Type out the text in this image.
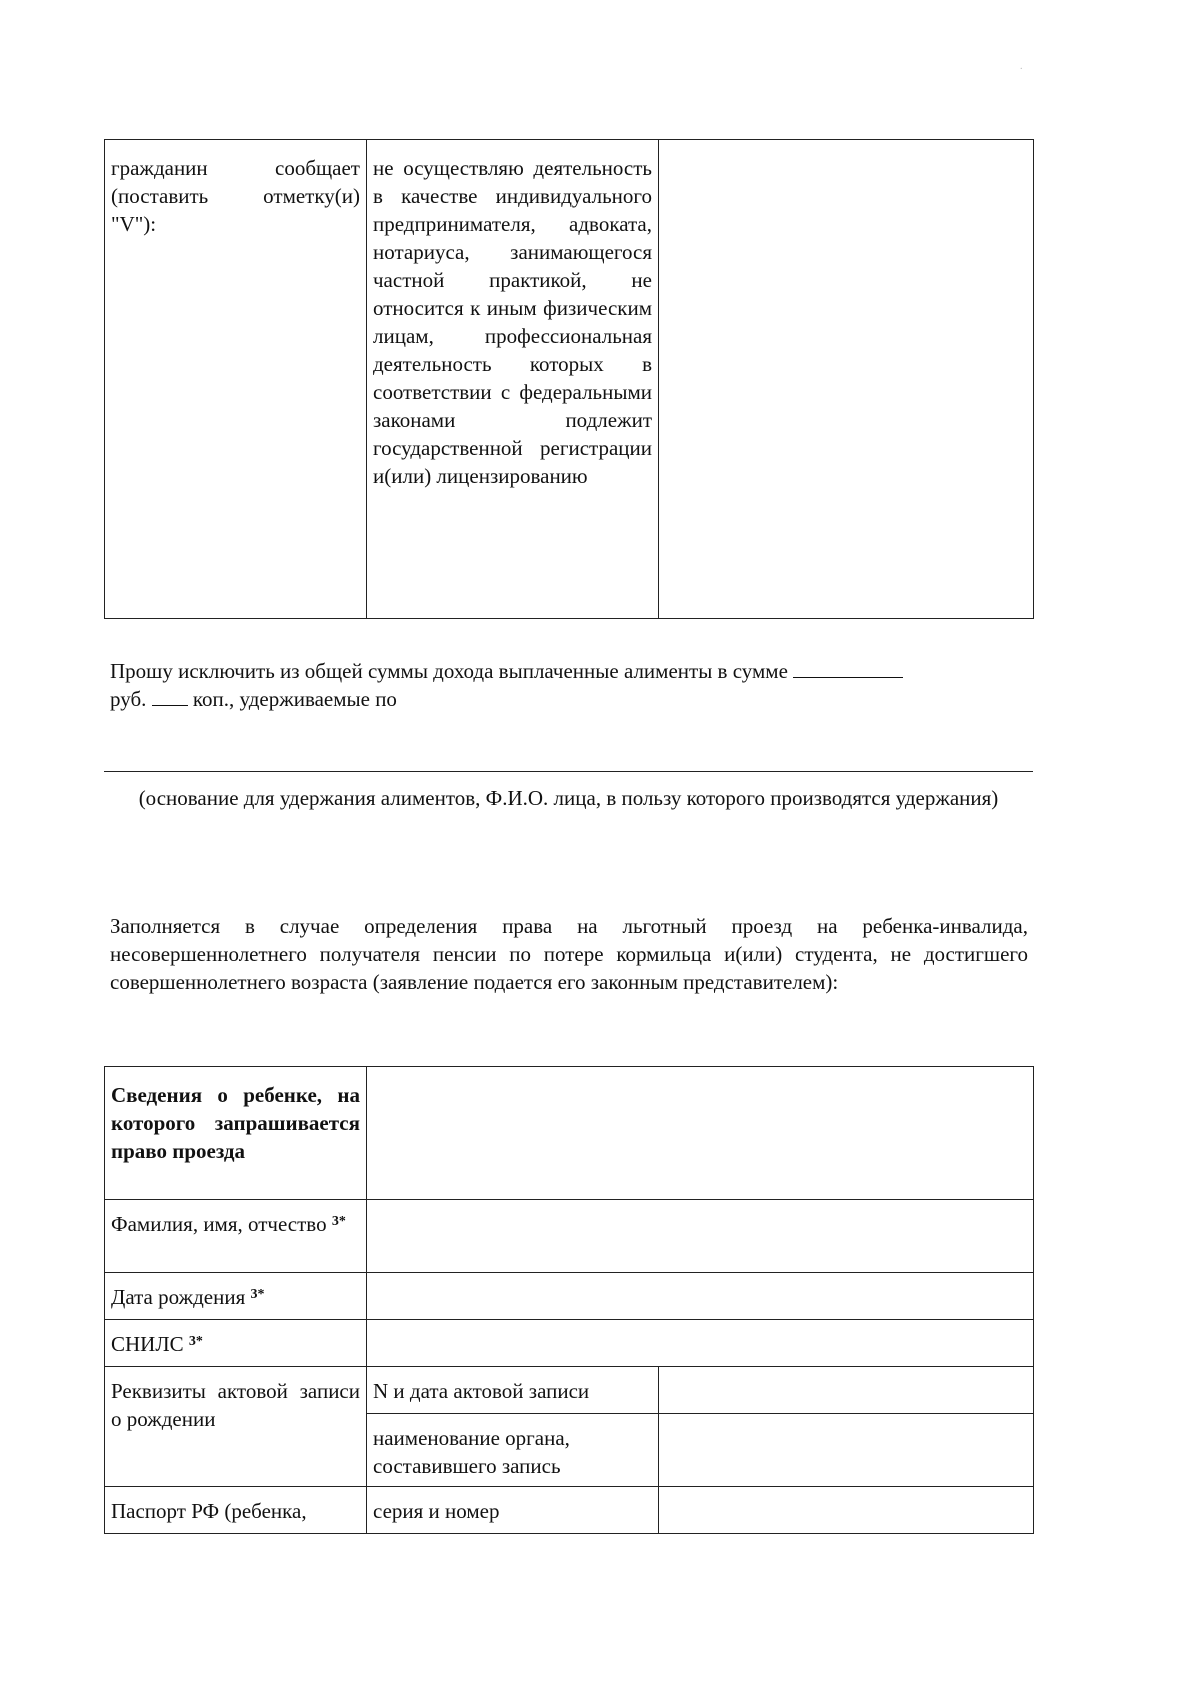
.
гражданин сообщает (поставить отметку(и) "V"):	не осуществляю деятельность в качестве индивидуального предпринимателя, адвоката, нотариуса, занимающегося частной практикой, не относится к иным физическим лицам, профессиональная деятельность которых в соответствии с федеральными законами подлежит государственной регистрации и(или) лицензированию	

Прошу исключить из общей суммы дохода выплаченные алименты в сумме
руб. коп., удерживаемые по

(основание для удержания алиментов, Ф.И.О. лица, в пользу которого производятся удержания)

Заполняется в случае определения права на льготный проезд на ребенка-инвалида, несовершеннолетнего получателя пенсии по потере кормильца и(или) студента, не достигшего совершеннолетнего возраста (заявление подается его законным представителем):

Сведения о ребенке, на которого запрашивается право проезда		
Фамилия, имя, отчество $^{3*}$	
Дата рождения $^{3*}$	
СНИЛС $^{3*}$	
Реквизиты актовой записи о рождении	N и дата актовой записи	
	наименование органа, составившего запись	
Паспорт РФ (ребенка,	серия и номер	
